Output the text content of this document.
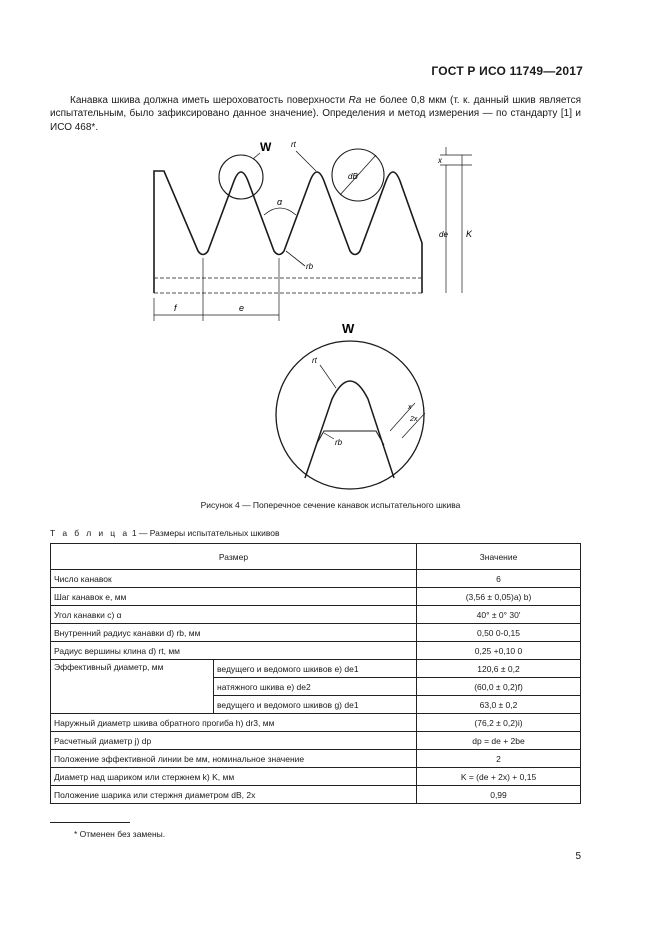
ГОСТ Р ИСО 11749—2017

Канавка шкива должна иметь шероховатость поверхности Ra не более 0,8 мкм (т. к. данный шкив является испытательным, было зафиксировано данное значение). Определения и метод измерения — по стандарту [1] и ИСО 468*.

W rt
dB
α
rb
x
de K
f	e
W
rt
rb
x
2x
Рисунок 4 — Поперечное сечение канавок испытательного шкива
Т а б л и ц а 1 — Размеры испытательных шкивов
Размер		Значение
Число канавок		6
Шаг канавок e, мм		(3,56 ± 0,05)a) b)
Угол канавки c) α		40° ± 0° 30′
Внутренний радиус канавки d) rb, мм		0,50 0-0,15
Радиус вершины клина d) rt, мм		0,25 +0,10 0
Эффективный диаметр, мм	ведущего и ведомого шкивов e) de1	120,6 ± 0,2
	натяжного шкива e) de2	(60,0 ± 0,2)f)
	ведущего и ведомого шкивов g) de1	63,0 ± 0,2
Наружный диаметр шкива обратного прогиба h) dr3, мм		(76,2 ± 0,2)i)
Расчетный диаметр j) dp		dp = de + 2be
Положение эффективной линии be мм, номинальное значение		2
Диаметр над шариком или стержнем k) K, мм		K = (de + 2x) + 0,15
Положение шарика или стержня диаметром dB, 2x		0,99
* Отменен без замены.
5
